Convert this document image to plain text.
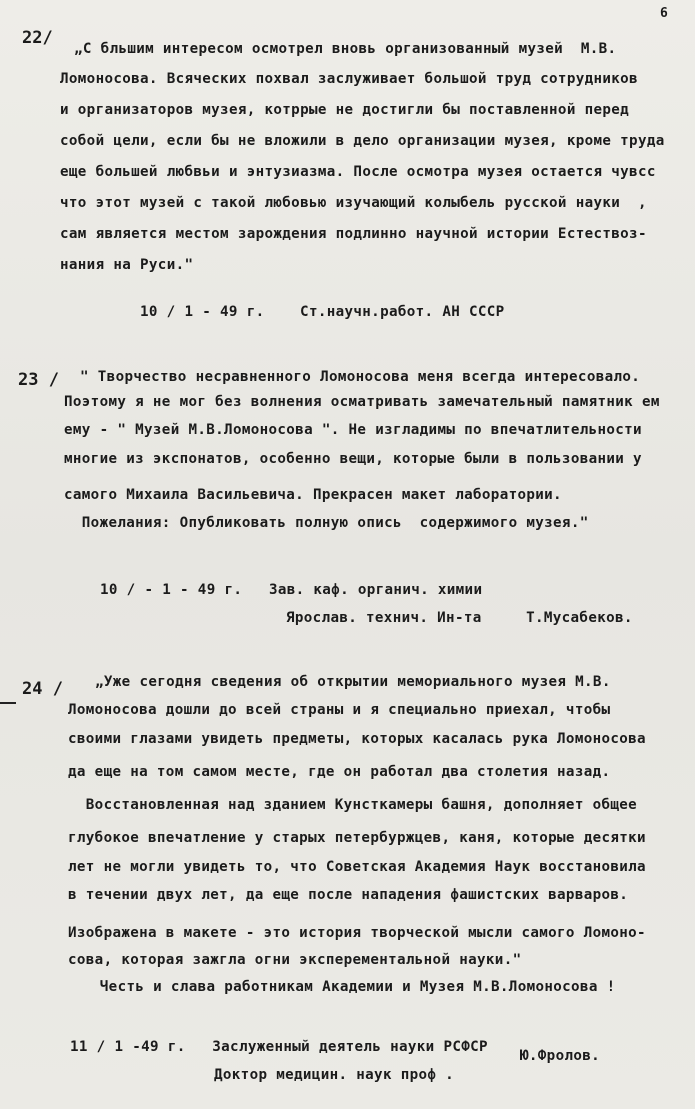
6
22/
„С бльшим интересом осмотрел вновь организованный музей  М.В.
Ломоносова. Всяческих похвал заслуживает большой труд сотрудников
и организаторов музея, котррые не достигли бы поставленной перед
собой цели, если бы не вложили в дело организации музея, кроме труда
еще большей любвьи и энтузиазма. После осмотра музея остается чувсс
что этот музей с такой любовью изучающий колыбель русской науки  ,
сам является местом зарождения подлинно научной истории Естествоз-
нания на Руси."
10 / 1 - 49 г.    Ст.научн.работ. АН СССР
23 / " Творчество несравненного Ломоносова меня всегда интересовало.
Поэтому я не мог без волнения осматривать замечательный памятник ем
ему - " Музей М.В.Ломоносова ". Не изгладимы по впечатлительности
многие из экспонатов, особенно вещи, которые были в пользовании у
самого Михаила Васильевича. Прекрасен макет лаборатории.
Пожелания: Опубликовать полную опись  содержимого музея."
10 / - 1 - 49 г.   Зав. каф. органич. химии
Ярослав. технич. Ин-та     Т.Мусабеков.
24 / „Уже сегодня сведения об открытии мемориального музея М.В.
Ломоносова дошли до всей страны и я специально приехал, чтобы
своими глазами увидеть предметы, которых касалась рука Ломоносова
да еще на том самом месте, где он работал два столетия назад.
Восстановленная над зданием Кунсткамеры башня, дополняет общее
глубокое впечатление у старых петербуржцев, каня, которые десятки
лет не могли увидеть то, что Советская Академия Наук восстановила
в течении двух лет, да еще после нападения фашистских варваров.
Изображена в макете - это история творческой мысли самого Ломоно-
сова, которая зажгла огни эксперементальной науки."
Честь и слава работникам Академии и Музея М.В.Ломоносова !
11 / 1 -49 г.   Заслуженный деятель науки РСФСР
Ю.Фролов.
Доктор медицин. наук проф .
